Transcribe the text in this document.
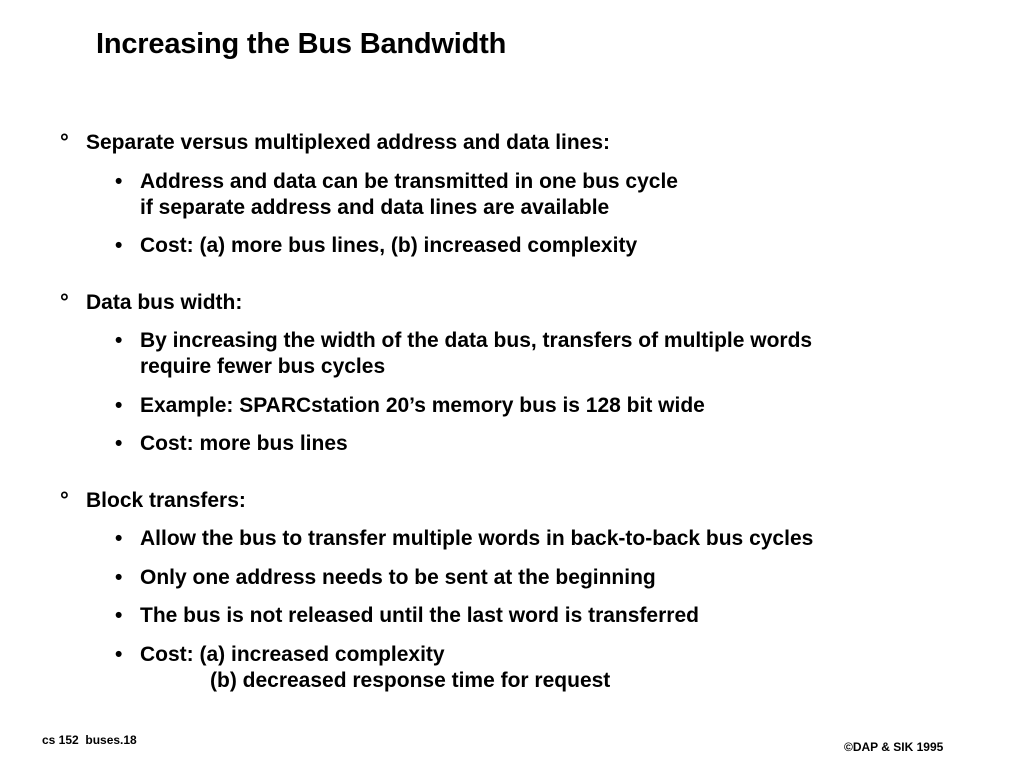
Increasing the Bus Bandwidth
° Separate versus multiplexed address and data lines:
• Address and data can be transmitted in one bus cycle
if separate address and data lines are available
• Cost: (a) more bus lines, (b) increased complexity
° Data bus width:
• By increasing the width of the data bus, transfers of multiple words
require fewer bus cycles
• Example: SPARCstation 20’s memory bus is 128 bit wide
• Cost: more bus lines
° Block transfers:
• Allow the bus to transfer multiple words in back-to-back bus cycles
• Only one address needs to be sent at the beginning
• The bus is not released until the last word is transferred
• Cost: (a) increased complexity
(b) decreased response time for request
cs 152  buses.18	©DAP & SIK 1995
